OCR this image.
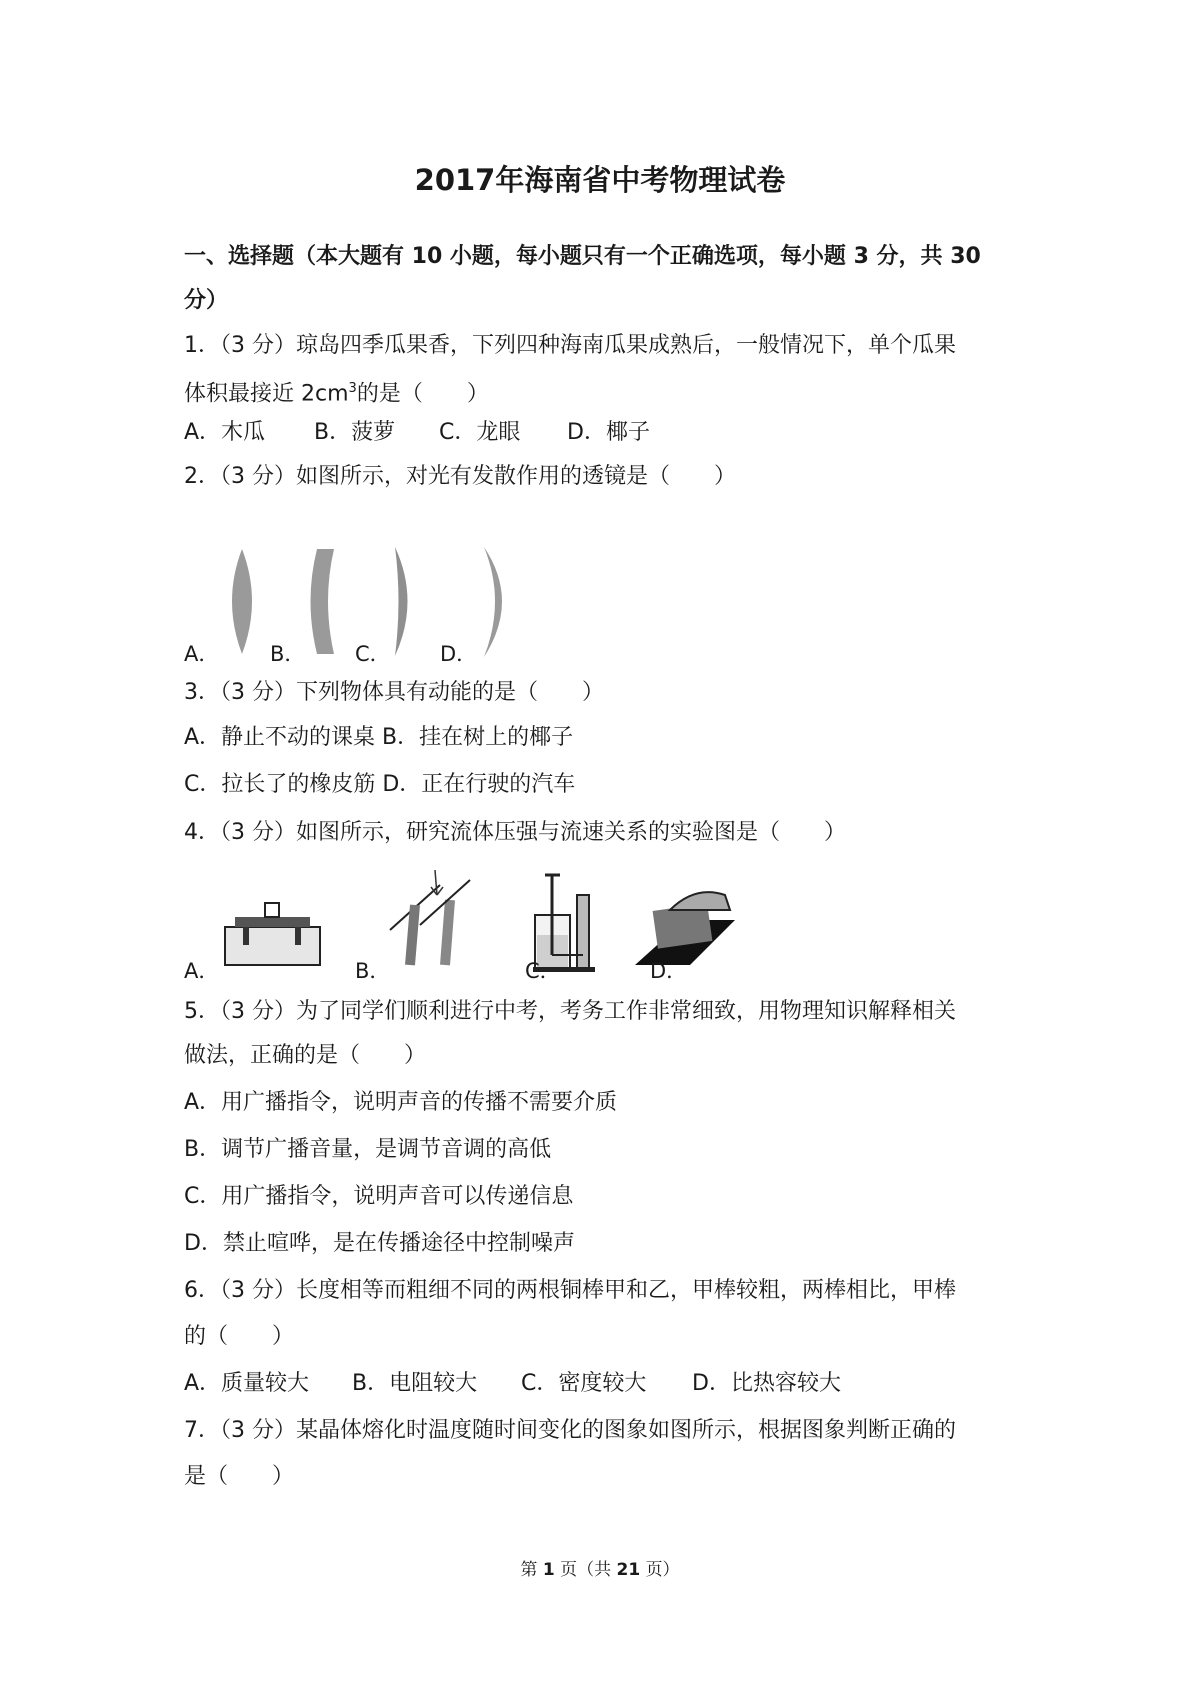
2017年海南省中考物理试卷
一、选择题（本大题有 10 小题，每小题只有一个正确选项，每小题 3 分，共 30
分）
1．（3 分）琼岛四季瓜果香，下列四种海南瓜果成熟后，一般情况下，单个瓜果
体积最接近 $2cm^3$的是（　　）
A．木瓜 B．菠萝 C．龙眼 D．椰子
2．（3 分）如图所示，对光有发散作用的透镜是（　　）
A． B． C． D．
3．（3 分）下列物体具有动能的是（　　）
A．静止不动的课桌 B．挂在树上的椰子
C．拉长了的橡皮筋 D．正在行驶的汽车
4．（3 分）如图所示，研究流体压强与流速关系的实验图是（　　）
A．	B．	C．	D．
5．（3 分）为了同学们顺利进行中考，考务工作非常细致，用物理知识解释相关
做法，正确的是（　　）
A．用广播指令，说明声音的传播不需要介质
B．调节广播音量，是调节音调的高低
C．用广播指令，说明声音可以传递信息
D．禁止喧哗，是在传播途径中控制噪声
6．（3 分）长度相等而粗细不同的两根铜棒甲和乙，甲棒较粗，两棒相比，甲棒
的（　　）
A．质量较大 B．电阻较大 C．密度较大 D．比热容较大
7．（3 分）某晶体熔化时温度随时间变化的图象如图所示，根据图象判断正确的
是（　　）
第 1 页（共 21 页）
